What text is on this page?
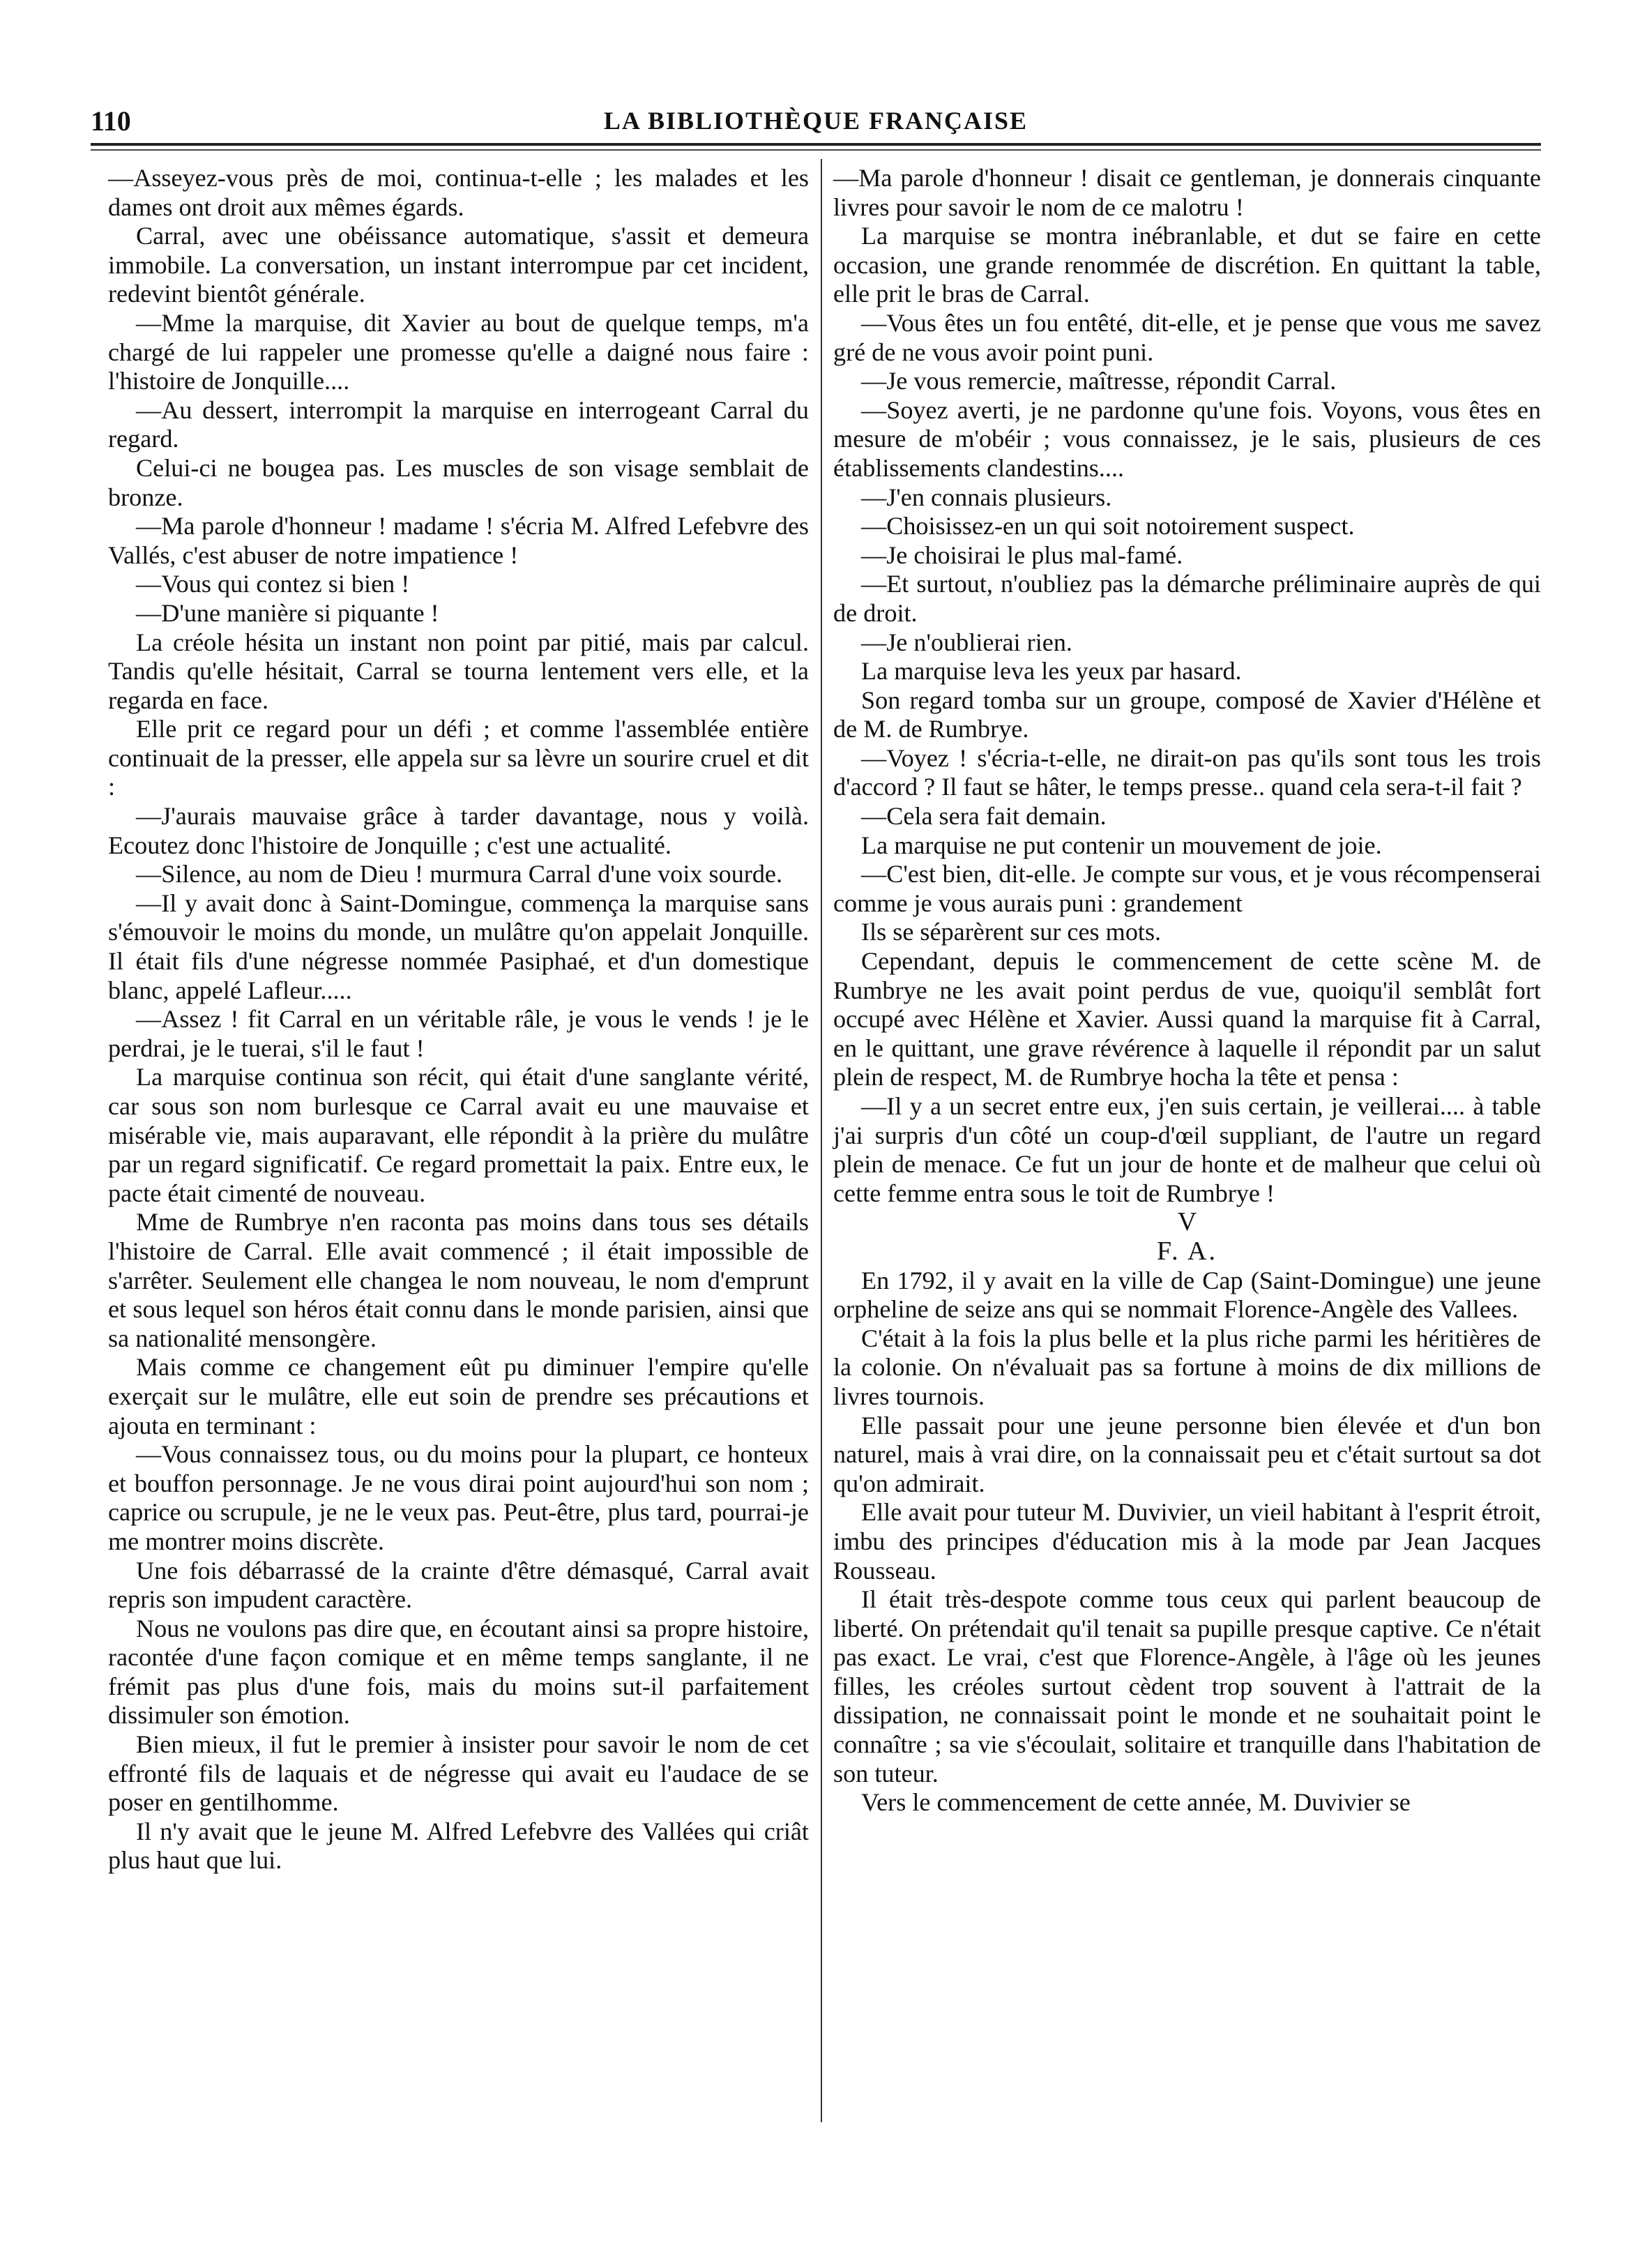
110	LA BIBLIOTHÈQUE FRANÇAISE

—Asseyez-vous près de moi, continua-t-elle ; les malades et les dames ont droit aux mêmes égards.

Carral, avec une obéissance automatique, s'assit et demeura immobile. La conversation, un instant interrompue par cet incident, redevint bientôt générale.

—Mme la marquise, dit Xavier au bout de quelque temps, m'a chargé de lui rappeler une promesse qu'elle a daigné nous faire : l'histoire de Jonquille....

—Au dessert, interrompit la marquise en interrogeant Carral du regard.

Celui-ci ne bougea pas. Les muscles de son visage semblait de bronze.

—Ma parole d'honneur ! madame ! s'écria M. Alfred Lefebvre des Vallés, c'est abuser de notre impatience !

—Vous qui contez si bien !

—D'une manière si piquante !

La créole hésita un instant non point par pitié, mais par calcul. Tandis qu'elle hésitait, Carral se tourna lentement vers elle, et la regarda en face.

Elle prit ce regard pour un défi ; et comme l'assemblée entière continuait de la presser, elle appela sur sa lèvre un sourire cruel et dit :

—J'aurais mauvaise grâce à tarder davantage, nous y voilà. Ecoutez donc l'histoire de Jonquille ; c'est une actualité.

—Silence, au nom de Dieu ! murmura Carral d'une voix sourde.

—Il y avait donc à Saint-Domingue, commença la marquise sans s'émouvoir le moins du monde, un mulâtre qu'on appelait Jonquille. Il était fils d'une négresse nommée Pasiphaé, et d'un domestique blanc, appelé Lafleur.....

—Assez ! fit Carral en un véritable râle, je vous le vends ! je le perdrai, je le tuerai, s'il le faut !

La marquise continua son récit, qui était d'une sanglante vérité, car sous son nom burlesque ce Carral avait eu une mauvaise et misérable vie, mais auparavant, elle répondit à la prière du mulâtre par un regard significatif. Ce regard promettait la paix. Entre eux, le pacte était cimenté de nouveau.

Mme de Rumbrye n'en raconta pas moins dans tous ses détails l'histoire de Carral. Elle avait commencé ; il était impossible de s'arrêter. Seulement elle changea le nom nouveau, le nom d'emprunt et sous lequel son héros était connu dans le monde parisien, ainsi que sa nationalité mensongère.

Mais comme ce changement eût pu diminuer l'empire qu'elle exerçait sur le mulâtre, elle eut soin de prendre ses précautions et ajouta en terminant :

—Vous connaissez tous, ou du moins pour la plupart, ce honteux et bouffon personnage. Je ne vous dirai point aujourd'hui son nom ; caprice ou scrupule, je ne le veux pas. Peut-être, plus tard, pourrai-je me montrer moins discrète.

Une fois débarrassé de la crainte d'être démasqué, Carral avait repris son impudent caractère.

Nous ne voulons pas dire que, en écoutant ainsi sa propre histoire, racontée d'une façon comique et en même temps sanglante, il ne frémit pas plus d'une fois, mais du moins sut-il parfaitement dissimuler son émotion.

Bien mieux, il fut le premier à insister pour savoir le nom de cet effronté fils de laquais et de négresse qui avait eu l'audace de se poser en gentilhomme.

Il n'y avait que le jeune M. Alfred Lefebvre des Vallées qui criât plus haut que lui.

—Ma parole d'honneur ! disait ce gentleman, je donnerais cinquante livres pour savoir le nom de ce malotru !

La marquise se montra inébranlable, et dut se faire en cette occasion, une grande renommée de discrétion. En quittant la table, elle prit le bras de Carral.

—Vous êtes un fou entêté, dit-elle, et je pense que vous me savez gré de ne vous avoir point puni.

—Je vous remercie, maîtresse, répondit Carral.

—Soyez averti, je ne pardonne qu'une fois. Voyons, vous êtes en mesure de m'obéir ; vous connaissez, je le sais, plusieurs de ces établissements clandestins....

—J'en connais plusieurs.

—Choisissez-en un qui soit notoirement suspect.

—Je choisirai le plus mal-famé.

—Et surtout, n'oubliez pas la démarche préliminaire auprès de qui de droit.

—Je n'oublierai rien.

La marquise leva les yeux par hasard.

Son regard tomba sur un groupe, composé de Xavier d'Hélène et de M. de Rumbrye.

—Voyez ! s'écria-t-elle, ne dirait-on pas qu'ils sont tous les trois d'accord ? Il faut se hâter, le temps presse.. quand cela sera-t-il fait ?

—Cela sera fait demain.

La marquise ne put contenir un mouvement de joie.

—C'est bien, dit-elle. Je compte sur vous, et je vous récompenserai comme je vous aurais puni : grandement

Ils se séparèrent sur ces mots.

Cependant, depuis le commencement de cette scène M. de Rumbrye ne les avait point perdus de vue, quoiqu'il semblât fort occupé avec Hélène et Xavier. Aussi quand la marquise fit à Carral, en le quittant, une grave révérence à laquelle il répondit par un salut plein de respect, M. de Rumbrye hocha la tête et pensa :

—Il y a un secret entre eux, j'en suis certain, je veillerai.... à table j'ai surpris d'un côté un coup-d'œil suppliant, de l'autre un regard plein de menace. Ce fut un jour de honte et de malheur que celui où cette femme entra sous le toit de Rumbrye !

V

F. A.

En 1792, il y avait en la ville de Cap (Saint-Domingue) une jeune orpheline de seize ans qui se nommait Florence-Angèle des Vallees.

C'était à la fois la plus belle et la plus riche parmi les héritières de la colonie. On n'évaluait pas sa fortune à moins de dix millions de livres tournois.

Elle passait pour une jeune personne bien élevée et d'un bon naturel, mais à vrai dire, on la connaissait peu et c'était surtout sa dot qu'on admirait.

Elle avait pour tuteur M. Duvivier, un vieil habitant à l'esprit étroit, imbu des principes d'éducation mis à la mode par Jean Jacques Rousseau.

Il était très-despote comme tous ceux qui parlent beaucoup de liberté. On prétendait qu'il tenait sa pupille presque captive. Ce n'était pas exact. Le vrai, c'est que Florence-Angèle, à l'âge où les jeunes filles, les créoles surtout cèdent trop souvent à l'attrait de la dissipation, ne connaissait point le monde et ne souhaitait point le connaître ; sa vie s'écoulait, solitaire et tranquille dans l'habitation de son tuteur.

Vers le commencement de cette année, M. Duvivier se
